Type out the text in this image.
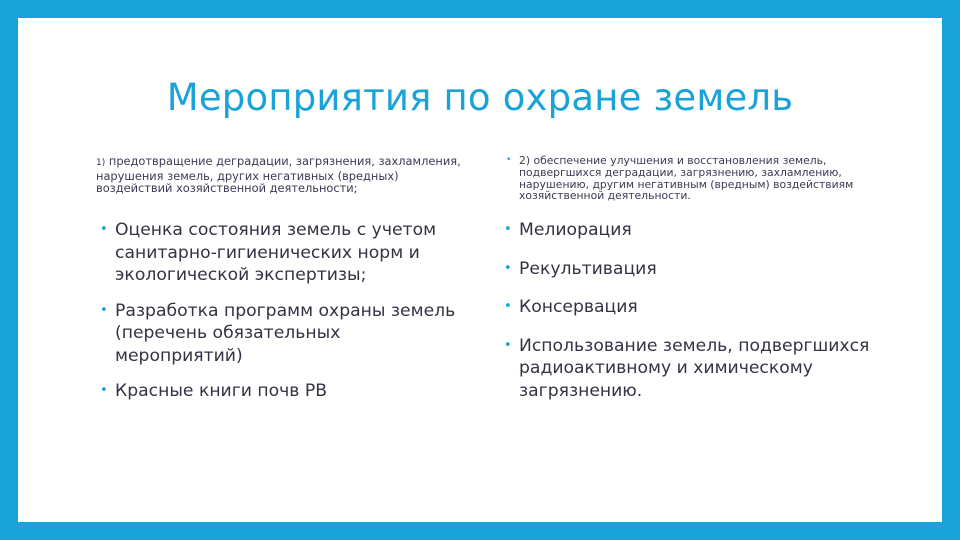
Мероприятия по охране земель

1) предотвращение деградации, загрязнения, захламления, нарушения земель, других негативных (вредных) воздействий хозяйственной деятельности;

• 2) обеспечение улучшения и восстановления земель, подвергшихся деградации, загрязнению, захламлению, нарушению, другим негативным (вредным) воздействиям хозяйственной деятельности.

• Оценка состояния земель с учетом санитарно-гигиенических норм и экологической экспертизы;
• Разработка программ охраны земель (перечень обязательных мероприятий)
• Красные книги почв РВ
• Мелиорация
• Рекультивация
• Консервация
• Использование земель, подвергшихся радиоактивному и химическому загрязнению.
